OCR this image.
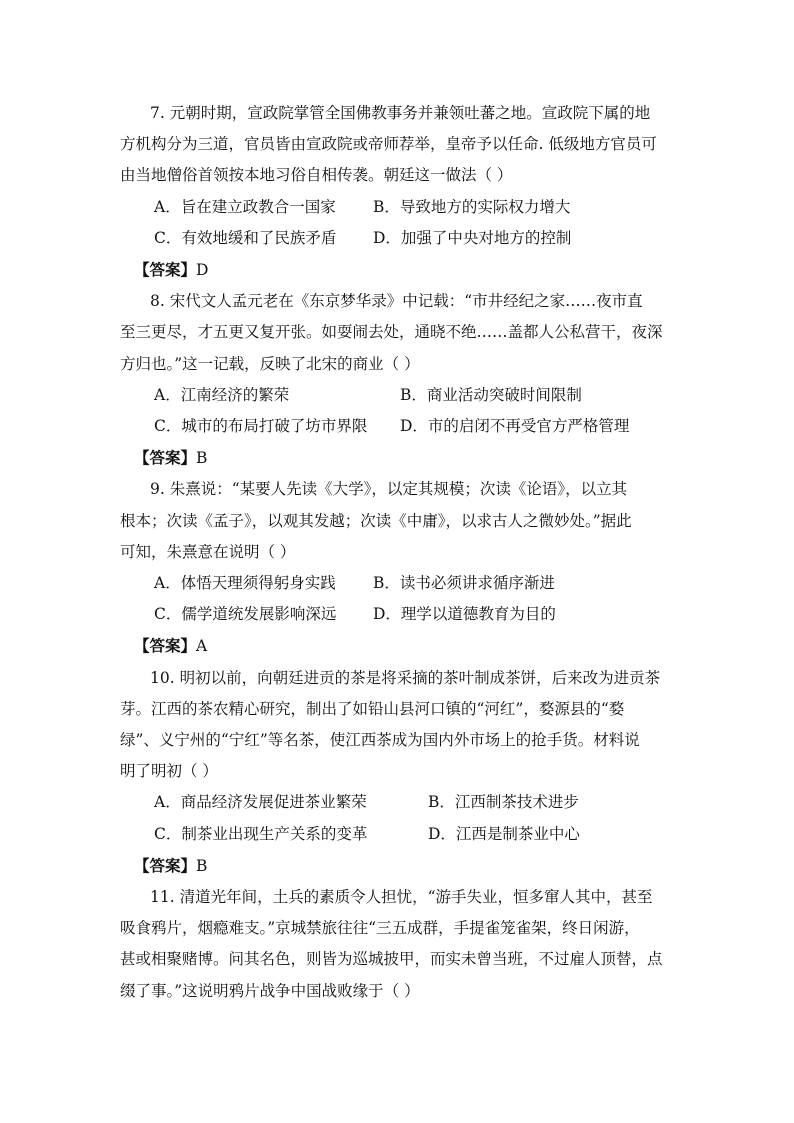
7. 元朝时期，宣政院掌管全国佛教事务并兼领吐蕃之地。宣政院下属的地
方机构分为三道，官员皆由宣政院或帝师荐举，皇帝予以任命. 低级地方官员可
由当地僧俗首领按本地习俗自相传袭。朝廷这一做法（ ）
A．旨在建立政教合一国家 B．导致地方的实际权力增大
C．有效地缓和了民族矛盾 D．加强了中央对地方的控制
【答案】D
8. 宋代文人孟元老在《东京梦华录》中记载：“市井经纪之家……夜市直
至三更尽，才五更又复开张。如耍闹去处，通晓不绝……盖都人公私营干，夜深
方归也。”这一记载，反映了北宋的商业（ ）
A．江南经济的繁荣	B．商业活动突破时间限制
C．城市的布局打破了坊市界限 D．市的启闭不再受官方严格管理
【答案】B
9. 朱熹说：“某要人先读《大学》，以定其规模；次读《论语》，以立其
根本；次读《孟子》，以观其发越；次读《中庸》，以求古人之微妙处。”据此
可知，朱熹意在说明（ ）
A．体悟天理须得躬身实践 B．读书必须讲求循序渐进
C．儒学道统发展影响深远 D．理学以道德教育为目的
【答案】A
10. 明初以前，向朝廷进贡的茶是将采摘的茶叶制成茶饼，后来改为进贡茶
芽。江西的茶农精心研究，制出了如铅山县河口镇的“河红”，婺源县的“婺
绿”、义宁州的“宁红”等名茶，使江西茶成为国内外市场上的抢手货。材料说
明了明初（ ）
A．商品经济发展促进茶业繁荣	B．江西制茶技术进步
C．制茶业出现生产关系的变革	D．江西是制茶业中心
【答案】B
11. 清道光年间，土兵的素质令人担忧，“游手失业，恒多窜人其中，甚至
吸食鸦片，烟瘾难支。”京城禁旅往往“三五成群，手提雀笼雀架，终日闲游，
甚或相聚赌博。问其名色，则皆为巡城披甲，而实未曾当班，不过雇人顶替，点
缀了事。”这说明鸦片战争中国战败缘于（ ）
